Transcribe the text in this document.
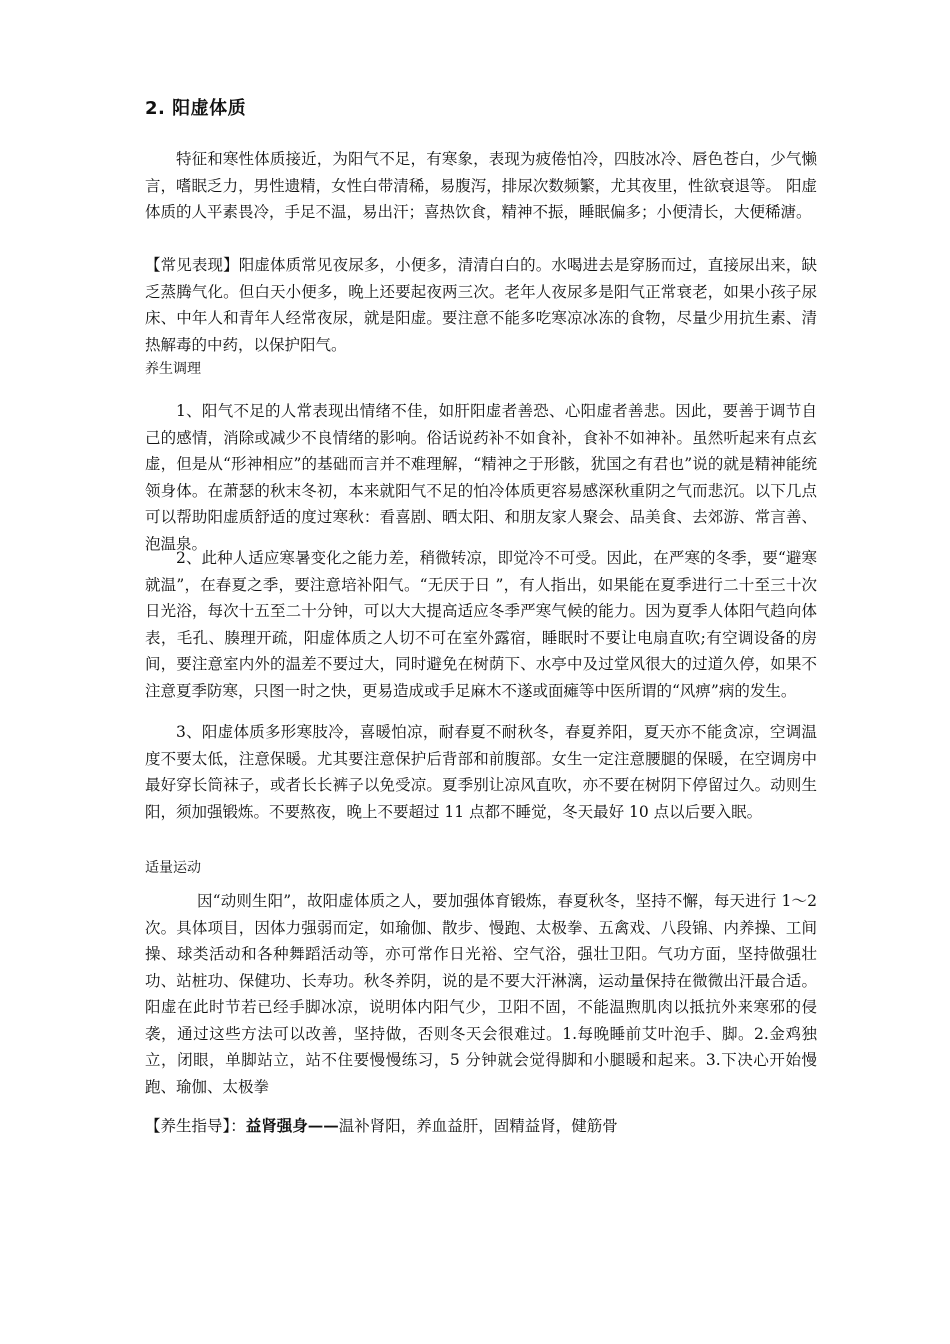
2. 阳虚体质

特征和寒性体质接近，为阳气不足，有寒象，表现为疲倦怕冷，四肢冰冷、唇色苍白，少气懒言，嗜眠乏力，男性遗精，女性白带清稀，易腹泻，排尿次数频繁，尤其夜里，性欲衰退等。 阳虚体质的人平素畏冷，手足不温，易出汗；喜热饮食，精神不振，睡眠偏多；小便清长，大便稀溏。

【常见表现】阳虚体质常见夜尿多，小便多，清清白白的。水喝进去是穿肠而过，直接尿出来，缺乏蒸腾气化。但白天小便多，晚上还要起夜两三次。老年人夜尿多是阳气正常衰老，如果小孩子尿床、中年人和青年人经常夜尿，就是阳虚。要注意不能多吃寒凉冰冻的食物，尽量少用抗生素、清热解毒的中药，以保护阳气。

养生调理

1、阳气不足的人常表现出情绪不佳，如肝阳虚者善恐、心阳虚者善悲。因此，要善于调节自己的感情，消除或减少不良情绪的影响。俗话说药补不如食补，食补不如神补。虽然听起来有点玄虚，但是从“形神相应”的基础而言并不难理解，“精神之于形骸，犹国之有君也”说的就是精神能统领身体。在萧瑟的秋末冬初，本来就阳气不足的怕冷体质更容易感深秋重阴之气而悲沉。以下几点可以帮助阳虚质舒适的度过寒秋：看喜剧、晒太阳、和朋友家人聚会、品美食、去郊游、常言善、泡温泉。

2、此种人适应寒暑变化之能力差，稍微转凉，即觉冷不可受。因此，在严寒的冬季，要“避寒就温”，在春夏之季，要注意培补阳气。“无厌于日 ”，有人指出，如果能在夏季进行二十至三十次日光浴，每次十五至二十分钟，可以大大提高适应冬季严寒气候的能力。因为夏季人体阳气趋向体表，毛孔、腠理开疏，阳虚体质之人切不可在室外露宿，睡眠时不要让电扇直吹;有空调设备的房间，要注意室内外的温差不要过大，同时避免在树荫下、水亭中及过堂风很大的过道久停，如果不注意夏季防寒，只图一时之快，更易造成或手足麻木不遂或面瘫等中医所谓的“风痹”病的发生。

3、阳虚体质多形寒肢冷，喜暖怕凉，耐春夏不耐秋冬，春夏养阳，夏天亦不能贪凉，空调温度不要太低，注意保暖。尤其要注意保护后背部和前腹部。女生一定注意腰腿的保暖，在空调房中最好穿长筒袜子，或者长长裤子以免受凉。夏季别让凉风直吹，亦不要在树阴下停留过久。动则生阳，须加强锻炼。不要熬夜，晚上不要超过 11 点都不睡觉，冬天最好 10 点以后要入眠。

适量运动

因“动则生阳”，故阳虚体质之人，要加强体育锻炼，春夏秋冬，坚持不懈，每天进行 1～2 次。具体项目，因体力强弱而定，如瑜伽、散步、慢跑、太极拳、五禽戏、八段锦、内养操、工间操、球类活动和各种舞蹈活动等，亦可常作日光裕、空气浴，强壮卫阳。气功方面，坚持做强壮功、站桩功、保健功、长寿功。秋冬养阴，说的是不要大汗淋漓，运动量保持在微微出汗最合适。阳虚在此时节若已经手脚冰凉，说明体内阳气少，卫阳不固，不能温煦肌肉以抵抗外来寒邪的侵袭，通过这些方法可以改善，坚持做，否则冬天会很难过。1.每晚睡前艾叶泡手、脚。2.金鸡独立，闭眼，单脚站立，站不住要慢慢练习，5 分钟就会觉得脚和小腿暖和起来。3.下决心开始慢跑、瑜伽、太极拳

【养生指导】：益肾强身——温补肾阳，养血益肝，固精益肾，健筋骨
